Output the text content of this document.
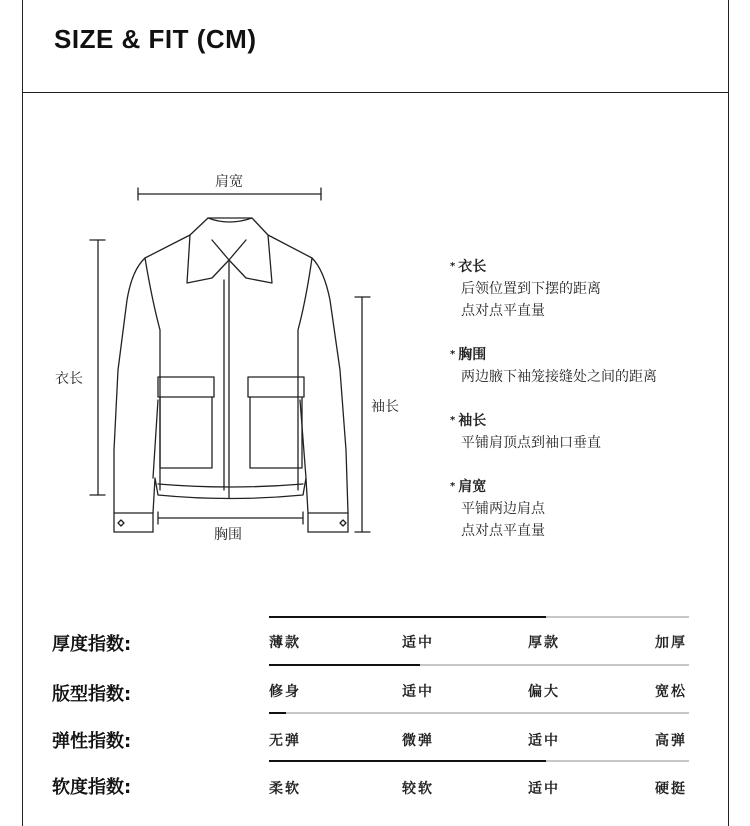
SIZE & FIT (CM)
肩宽
衣长
袖长
胸围
* 衣长
后领位置到下摆的距离
点对点平直量
* 胸围
两边腋下袖笼接缝处之间的距离
* 袖长
平铺肩顶点到袖口垂直
* 肩宽
平铺两边肩点
点对点平直量
厚度指数:	薄款	适中	厚款	加厚
版型指数:	修身	适中	偏大	宽松
弹性指数:	无弹	微弹	适中	高弹
软度指数:	柔软	较软	适中	硬挺
